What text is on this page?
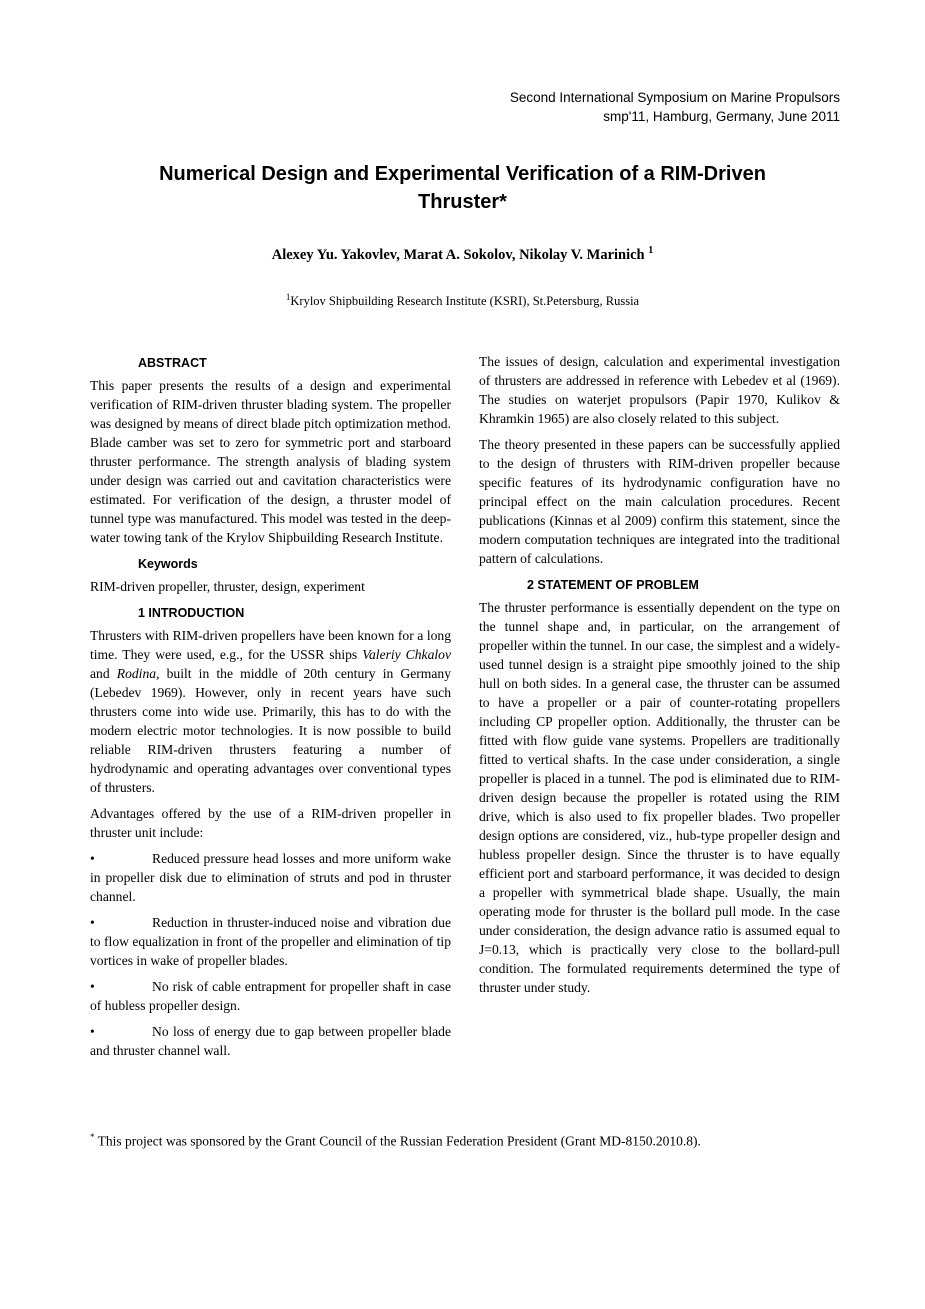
Second International Symposium on Marine Propulsors
smp'11, Hamburg, Germany, June 2011
Numerical Design and Experimental Verification of a RIM-Driven Thruster*
Alexey Yu. Yakovlev, Marat A. Sokolov, Nikolay V. Marinich $^1$
$^1$Krylov Shipbuilding Research Institute (KSRI), St.Petersburg, Russia
ABSTRACT

This paper presents the results of a design and experimental verification of RIM-driven thruster blading system. The propeller was designed by means of direct blade pitch optimization method. Blade camber was set to zero for symmetric port and starboard thruster performance. The strength analysis of blading system under design was carried out and cavitation characteristics were estimated. For verification of the design, a thruster model of tunnel type was manufactured. This model was tested in the deep-water towing tank of the Krylov Shipbuilding Research Institute.

Keywords

RIM-driven propeller, thruster, design, experiment

1 INTRODUCTION

Thrusters with RIM-driven propellers have been known for a long time. They were used, e.g., for the USSR ships Valeriy Chkalov and Rodina, built in the middle of 20th century in Germany (Lebedev 1969). However, only in recent years have such thrusters come into wide use. Primarily, this has to do with the modern electric motor technologies. It is now possible to build reliable RIM-driven thrusters featuring a number of hydrodynamic and operating advantages over conventional types of thrusters.

Advantages offered by the use of a RIM-driven propeller in thruster unit include:

•	Reduced pressure head losses and more uniform wake in propeller disk due to elimination of struts and pod in thruster channel.

•	Reduction in thruster-induced noise and vibration due to flow equalization in front of the propeller and elimination of tip vortices in wake of propeller blades.

•	No risk of cable entrapment for propeller shaft in case of hubless propeller design.

•	No loss of energy due to gap between propeller blade and thruster channel wall.

The issues of design, calculation and experimental investigation of thrusters are addressed in reference with Lebedev et al (1969). The studies on waterjet propulsors (Papir 1970, Kulikov & Khramkin 1965) are also closely related to this subject.

The theory presented in these papers can be successfully applied to the design of thrusters with RIM-driven propeller because specific features of its hydrodynamic configuration have no principal effect on the main calculation procedures. Recent publications (Kinnas et al 2009) confirm this statement, since the modern computation techniques are integrated into the traditional pattern of calculations.

2 STATEMENT OF PROBLEM

The thruster performance is essentially dependent on the type on the tunnel shape and, in particular, on the arrangement of propeller within the tunnel. In our case, the simplest and a widely-used tunnel design is a straight pipe smoothly joined to the ship hull on both sides. In a general case, the thruster can be assumed to have a propeller or a pair of counter-rotating propellers including CP propeller option. Additionally, the thruster can be fitted with flow guide vane systems. Propellers are traditionally fitted to vertical shafts. In the case under consideration, a single propeller is placed in a tunnel. The pod is eliminated due to RIM-driven design because the propeller is rotated using the RIM drive, which is also used to fix propeller blades. Two propeller design options are considered, viz., hub-type propeller design and hubless propeller design. Since the thruster is to have equally efficient port and starboard performance, it was decided to design a propeller with symmetrical blade shape. Usually, the main operating mode for thruster is the bollard pull mode. In the case under consideration, the design advance ratio is assumed equal to J=0.13, which is practically very close to the bollard-pull condition. The formulated requirements determined the type of thruster under study.

* This project was sponsored by the Grant Council of the Russian Federation President (Grant MD-8150.2010.8).
